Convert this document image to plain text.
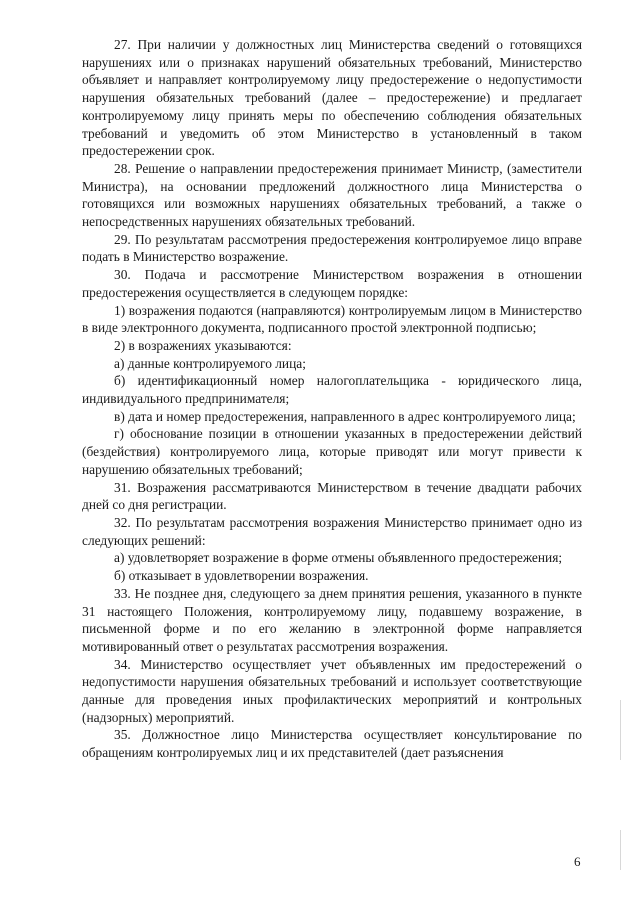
27. При наличии у должностных лиц Министерства сведений о готовящихся нарушениях или о признаках нарушений обязательных требований, Министерство объявляет и направляет контролируемому лицу предостережение о недопустимости нарушения обязательных требований (далее – предостережение) и предлагает контролируемому лицу принять меры по обеспечению соблюдения обязательных требований и уведомить об этом Министерство в установленный в таком предостережении срок.

28. Решение о направлении предостережения принимает Министр, (заместители Министра), на основании предложений должностного лица Министерства о готовящихся или возможных нарушениях обязательных требований, а также о непосредственных нарушениях обязательных требований.

29. По результатам рассмотрения предостережения контролируемое лицо вправе подать в Министерство возражение.

30. Подача и рассмотрение Министерством возражения в отношении предостережения осуществляется в следующем порядке:

1) возражения подаются (направляются) контролируемым лицом в Министерство в виде электронного документа, подписанного простой электронной подписью;

2) в возражениях указываются:

а) данные контролируемого лица;

б) идентификационный номер налогоплательщика - юридического лица, индивидуального предпринимателя;

в) дата и номер предостережения, направленного в адрес контролируемого лица;

г) обоснование позиции в отношении указанных в предостережении действий (бездействия) контролируемого лица, которые приводят или могут привести к нарушению обязательных требований;

31. Возражения рассматриваются Министерством в течение двадцати рабочих дней со дня регистрации.

32. По результатам рассмотрения возражения Министерство принимает одно из следующих решений:

а) удовлетворяет возражение в форме отмены объявленного предостережения;

б) отказывает в удовлетворении возражения.

33. Не позднее дня, следующего за днем принятия решения, указанного в пункте 31 настоящего Положения, контролируемому лицу, подавшему возражение, в письменной форме и по его желанию в электронной форме направляется мотивированный ответ о результатах рассмотрения возражения.

34. Министерство осуществляет учет объявленных им предостережений о недопустимости нарушения обязательных требований и использует соответствующие данные для проведения иных профилактических мероприятий и контрольных (надзорных) мероприятий.

35. Должностное лицо Министерства осуществляет консультирование по обращениям контролируемых лиц и их представителей (дает разъяснения

6
